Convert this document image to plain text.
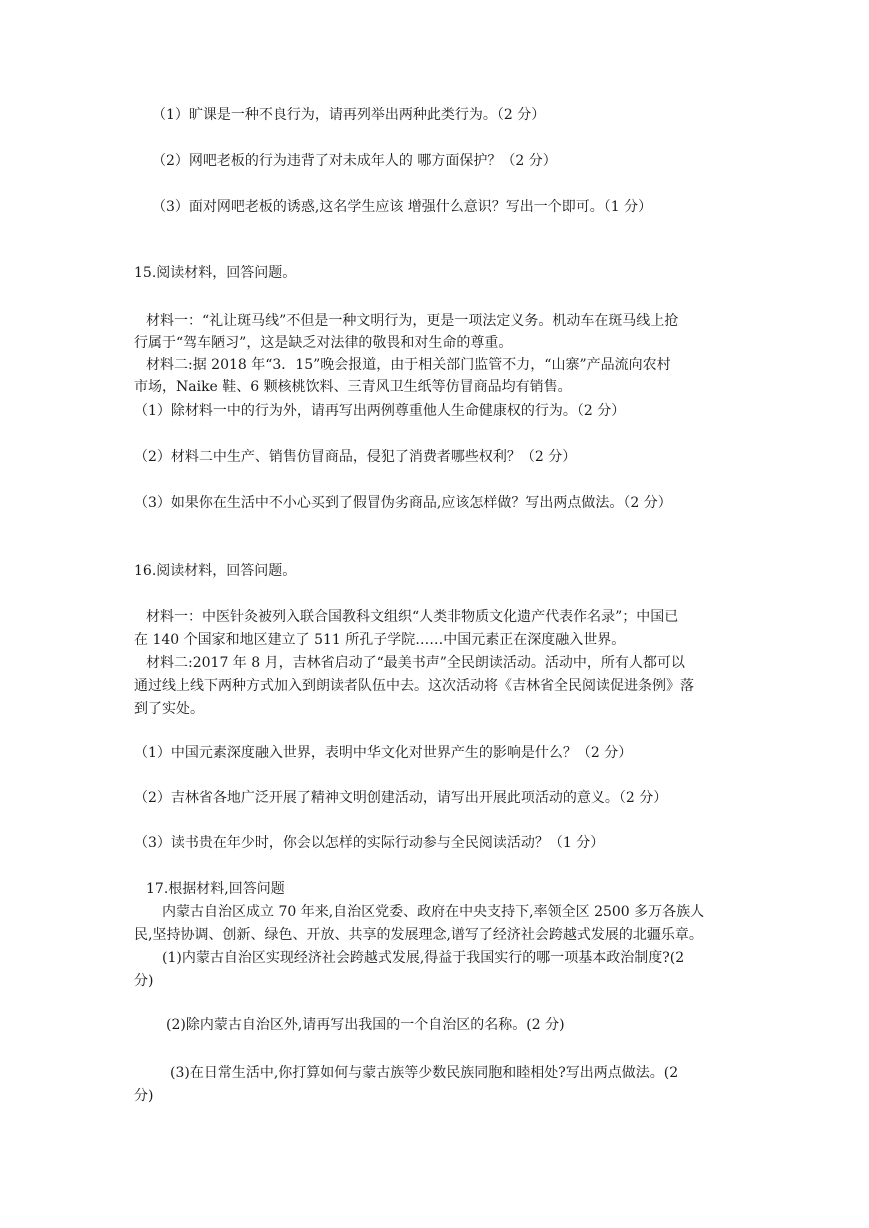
（1）旷课是一种不良行为，请再列举出两种此类行为。（2 分）
（2）网吧老板的行为违背了对未成年人的 哪方面保护？（2 分）
（3）面对网吧老板的诱惑,这名学生应该 增强什么意识？写出一个即可。（1 分）
15.阅读材料，回答问题。
材料一：“礼让斑马线”不但是一种文明行为，更是一项法定义务。机动车在斑马线上抢
行属于“驾车陋习”，这是缺乏对法律的敬畏和对生命的尊重。
材料二:据 2018 年“3．15”晚会报道，由于相关部门监管不力，“山寨”产品流向农村
市场，Naike 鞋、6 颗核桃饮料、三青风卫生纸等仿冒商品均有销售。
（1）除材料一中的行为外，请再写出两例尊重他人生命健康权的行为。（2 分）
（2）材料二中生产、销售仿冒商品，侵犯了消费者哪些权利？（2 分）
（3）如果你在生活中不小心买到了假冒伪劣商品,应该怎样做？写出两点做法。（2 分）
16.阅读材料，回答问题。
材料一：中医针灸被列入联合国教科文组织“人类非物质文化遗产代表作名录”；中国已
在 140 个国家和地区建立了 511 所孔子学院……中国元素正在深度融入世界。
材料二:2017 年 8 月，吉林省启动了“最美书声”全民朗读活动。活动中，所有人都可以
通过线上线下两种方式加入到朗读者队伍中去。这次活动将《吉林省全民阅读促进条例》落
到了实处。
（1）中国元素深度融入世界，表明中华文化对世界产生的影响是什么？（2 分）
（2）吉林省各地广泛开展了精神文明创建活动，请写出开展此项活动的意义。（2 分）
（3）读书贵在年少时，你会以怎样的实际行动参与全民阅读活动？（1 分）
17.根据材料,回答问题
内蒙古自治区成立 70 年来,自治区党委、政府在中央支持下,率领全区 2500 多万各族人
民,坚持协调、创新、绿色、开放、共享的发展理念,谱写了经济社会跨越式发展的北疆乐章。
(1)内蒙古自治区实现经济社会跨越式发展,得益于我国实行的哪一项基本政治制度?(2
分)
(2)除内蒙古自治区外,请再写出我国的一个自治区的名称。(2 分)
(3)在日常生活中,你打算如何与蒙古族等少数民族同胞和睦相处?写出两点做法。(2
分)
